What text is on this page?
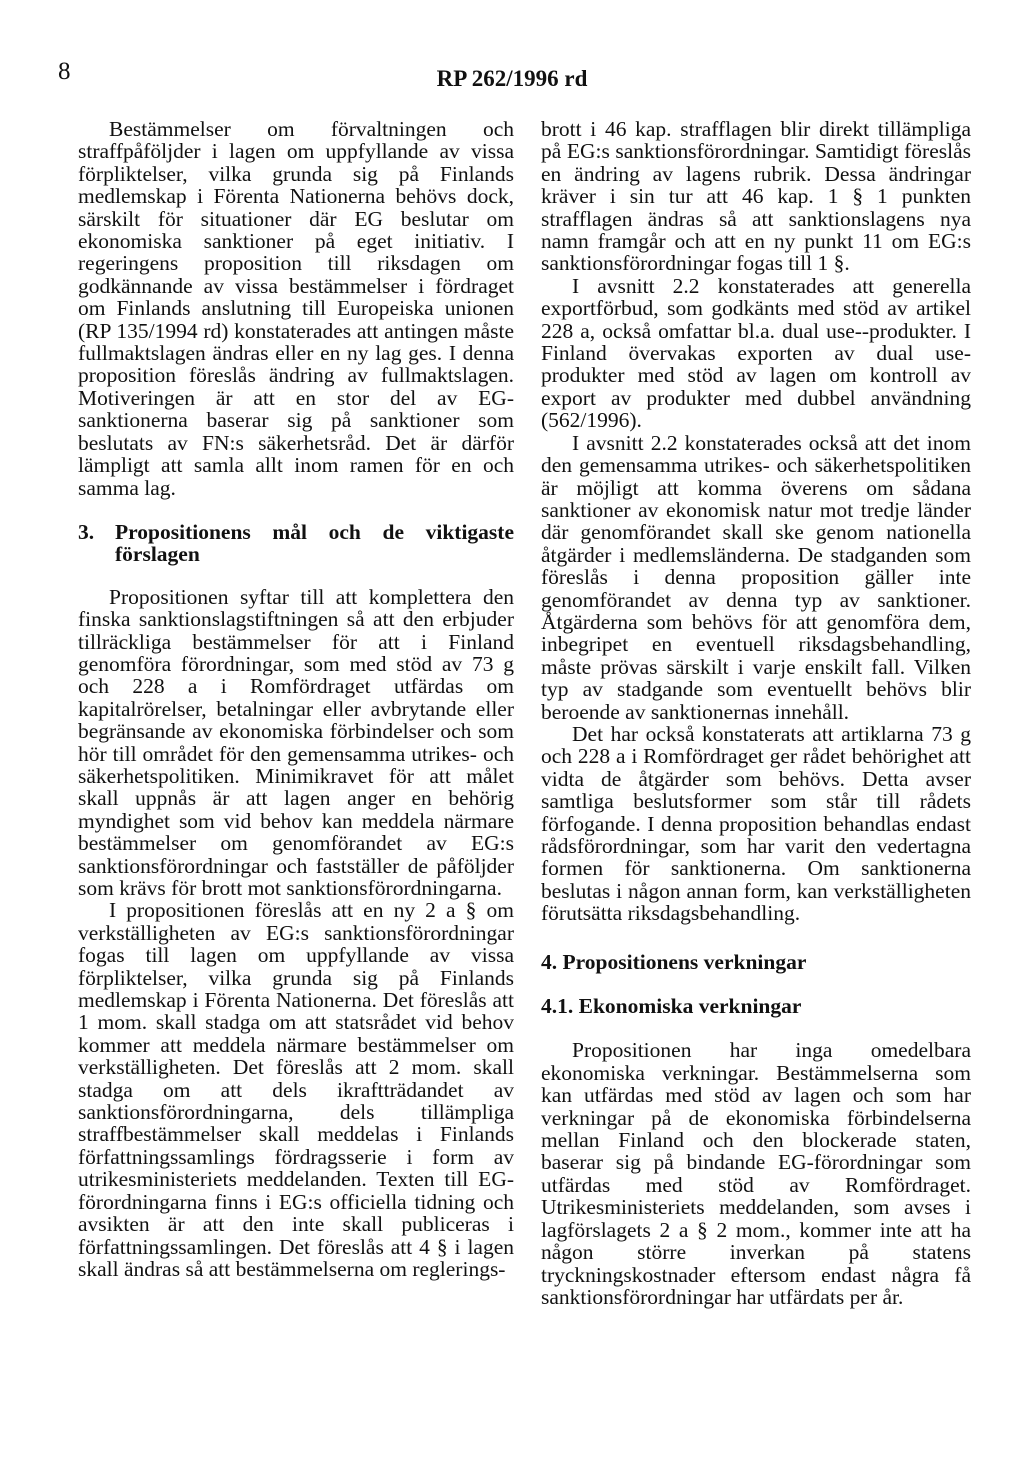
8	RP 262/1996 rd

Bestämmelser om förvaltningen och straffpåföljder i lagen om uppfyllande av vissa förpliktelser, vilka grunda sig på Finlands medlemskap i Förenta Nationerna behövs dock, särskilt för situationer där EG beslutar om ekonomiska sanktioner på eget initiativ. I regeringens proposition till riksdagen om godkännande av vissa bestämmelser i fördraget om Finlands anslutning till Europeiska unionen (RP 135/1994 rd) konstaterades att antingen måste fullmaktslagen ändras eller en ny lag ges. I denna proposition föreslås ändring av fullmaktslagen. Motiveringen är att en stor del av EG-sanktionerna baserar sig på sanktioner som beslutats av FN:s säkerhetsråd. Det är därför lämpligt att samla allt inom ramen för en och samma lag.

3. Propositionens mål och de viktigaste förslagen

Propositionen syftar till att komplettera den finska sanktionslagstiftningen så att den erbjuder tillräckliga bestämmelser för att i Finland genomföra förordningar, som med stöd av 73 g och 228 a i Romfördraget utfärdas om kapitalrörelser, betalningar eller avbrytande eller begränsande av ekonomiska förbindelser och som hör till området för den gemensamma utrikes- och säkerhetspolitiken. Minimikravet för att målet skall uppnås är att lagen anger en behörig myndighet som vid behov kan meddela närmare bestämmelser om genomförandet av EG:s sanktionsförordningar och fastställer de påföljder som krävs för brott mot sanktionsförordningarna.

I propositionen föreslås att en ny 2 a § om verkställigheten av EG:s sanktionsförordningar fogas till lagen om uppfyllande av vissa förpliktelser, vilka grunda sig på Finlands medlemskap i Förenta Nationerna. Det föreslås att 1 mom. skall stadga om att statsrådet vid behov kommer att meddela närmare bestämmelser om verkställigheten. Det föreslås att 2 mom. skall stadga om att dels ikraftträdandet av sanktionsförordningarna, dels tillämpliga straffbestämmelser skall meddelas i Finlands författningssamlings fördragsserie i form av utrikesministeriets meddelanden. Texten till EG-förordningarna finns i EG:s officiella tidning och avsikten är att den inte skall publiceras i författningssamlingen. Det föreslås att 4 § i lagen skall ändras så att bestämmelserna om reglerings-

brott i 46 kap. strafflagen blir direkt tillämpliga på EG:s sanktionsförordningar. Samtidigt föreslås en ändring av lagens rubrik. Dessa ändringar kräver i sin tur att 46 kap. 1 § 1 punkten strafflagen ändras så att sanktionslagens nya namn framgår och att en ny punkt 11 om EG:s sanktionsförordningar fogas till 1 §.

I avsnitt 2.2 konstaterades att generella exportförbud, som godkänts med stöd av artikel 228 a, också omfattar bl.a. dual use--produkter. I Finland övervakas exporten av dual use-produkter med stöd av lagen om kontroll av export av produkter med dubbel användning (562/1996).

I avsnitt 2.2 konstaterades också att det inom den gemensamma utrikes- och säkerhetspolitiken är möjligt att komma överens om sådana sanktioner av ekonomisk natur mot tredje länder där genomförandet skall ske genom nationella åtgärder i medlemsländerna. De stadganden som föreslås i denna proposition gäller inte genomförandet av denna typ av sanktioner. Åtgärderna som behövs för att genomföra dem, inbegripet en eventuell riksdagsbehandling, måste prövas särskilt i varje enskilt fall. Vilken typ av stadgande som eventuellt behövs blir beroende av sanktionernas innehåll.

Det har också konstaterats att artiklarna 73 g och 228 a i Romfördraget ger rådet behörighet att vidta de åtgärder som behövs. Detta avser samtliga beslutsformer som står till rådets förfogande. I denna proposition behandlas endast rådsförordningar, som har varit den vedertagna formen för sanktionerna. Om sanktionerna beslutas i någon annan form, kan verkställigheten förutsätta riksdagsbehandling.

4. Propositionens verkningar
4.1. Ekonomiska verkningar

Propositionen har inga omedelbara ekonomiska verkningar. Bestämmelserna som kan utfärdas med stöd av lagen och som har verkningar på de ekonomiska förbindelserna mellan Finland och den blockerade staten, baserar sig på bindande EG-förordningar som utfärdas med stöd av Romfördraget. Utrikesministeriets meddelanden, som avses i lagförslagets 2 a § 2 mom., kommer inte att ha någon större inverkan på statens tryckningskostnader eftersom endast några få sanktionsförordningar har utfärdats per år.
